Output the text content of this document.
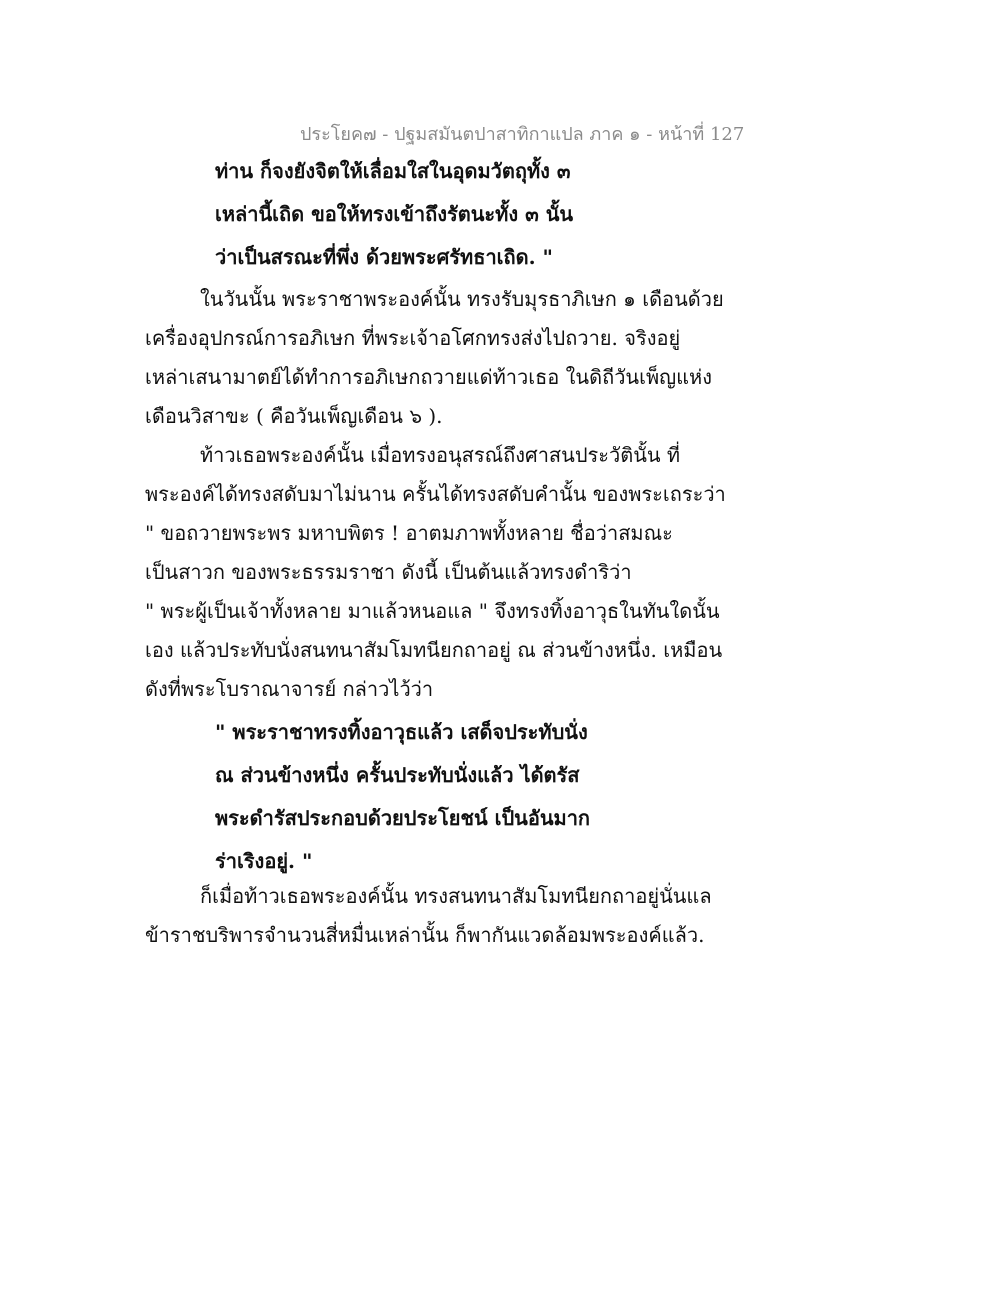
ประโยค๗ - ปฐมสมันตปาสาทิกาแปล ภาค ๑ - หน้าที่ 127
ท่าน ก็จงยังจิตให้เลื่อมใสในอุดมวัตถุทั้ง ๓
เหล่านี้เถิด ขอให้ทรงเข้าถึงรัตนะทั้ง ๓ นั้น
ว่าเป็นสรณะที่พึ่ง ด้วยพระศรัทธาเถิด. "
ในวันนั้น พระราชาพระองค์นั้น ทรงรับมุรธาภิเษก ๑ เดือนด้วย
เครื่องอุปกรณ์การอภิเษก ที่พระเจ้าอโศกทรงส่งไปถวาย. จริงอยู่
เหล่าเสนามาตย์ได้ทำการอภิเษกถวายแด่ท้าวเธอ ในดิถีวันเพ็ญแห่ง
เดือนวิสาขะ ( คือวันเพ็ญเดือน ๖ ).
ท้าวเธอพระองค์นั้น เมื่อทรงอนุสรณ์ถึงศาสนประวัตินั้น ที่
พระองค์ได้ทรงสดับมาไม่นาน ครั้นได้ทรงสดับคำนั้น ของพระเถระว่า
" ขอถวายพระพร มหาบพิตร ! อาตมภาพทั้งหลาย ชื่อว่าสมณะ
เป็นสาวก ของพระธรรมราชา ดังนี้ เป็นต้นแล้วทรงดำริว่า
" พระผู้เป็นเจ้าทั้งหลาย มาแล้วหนอแล " จึงทรงทิ้งอาวุธในทันใดนั้น
เอง แล้วประทับนั่งสนทนาสัมโมทนียกถาอยู่ ณ ส่วนข้างหนึ่ง. เหมือน
ดังที่พระโบราณาจารย์ กล่าวไว้ว่า
" พระราชาทรงทิ้งอาวุธแล้ว เสด็จประทับนั่ง
ณ ส่วนข้างหนึ่ง ครั้นประทับนั่งแล้ว ได้ตรัส
พระดำรัสประกอบด้วยประโยชน์ เป็นอันมาก
ร่าเริงอยู่. "
ก็เมื่อท้าวเธอพระองค์นั้น ทรงสนทนาสัมโมทนียกถาอยู่นั่นแล
ข้าราชบริพารจำนวนสี่หมื่นเหล่านั้น ก็พากันแวดล้อมพระองค์แล้ว.
